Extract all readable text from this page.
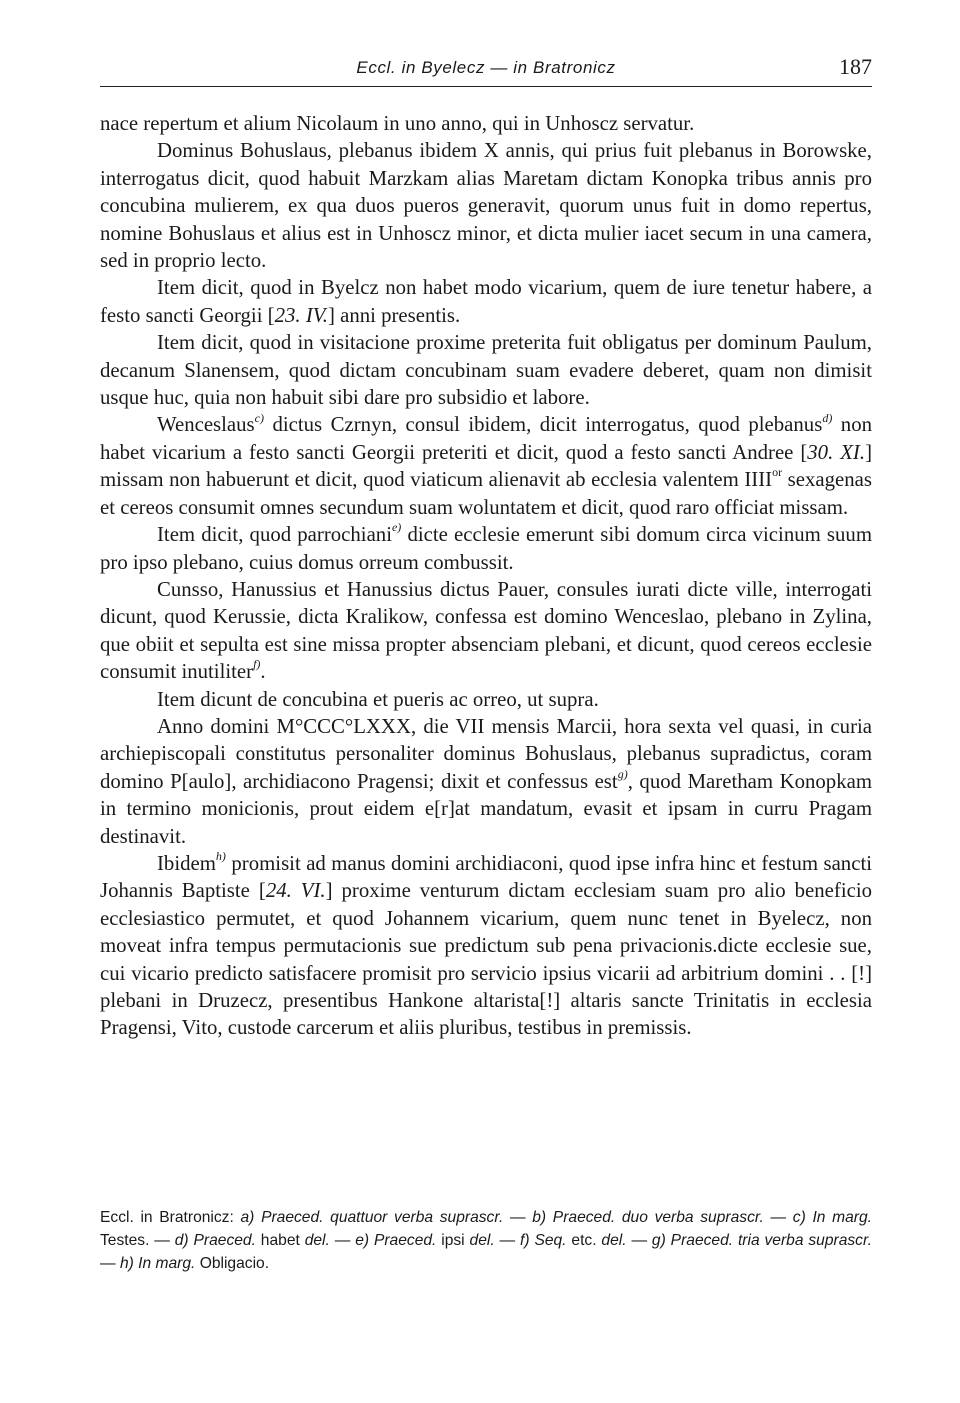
Eccl. in Byelecz — in Bratronicz	187

nace repertum et alium Nicolaum in uno anno, qui in Unhoscz servatur.

Dominus Bohuslaus, plebanus ibidem X annis, qui prius fuit plebanus in Borowske, interrogatus dicit, quod habuit Marzkam alias Maretam dictam Konopka tribus annis pro concubina mulierem, ex qua duos pueros generavit, quorum unus fuit in domo repertus, nomine Bohuslaus et alius est in Unhoscz minor, et dicta mulier iacet secum in una camera, sed in proprio lecto.

Item dicit, quod in Byelcz non habet modo vicarium, quem de iure tenetur habere, a festo sancti Georgii [23. IV.] anni presentis.

Item dicit, quod in visitacione proxime preterita fuit obligatus per dominum Paulum, decanum Slanensem, quod dictam concubinam suam evadere deberet, quam non dimisit usque huc, quia non habuit sibi dare pro subsidio et labore.

Wenceslaus$^{c)}$ dictus Czrnyn, consul ibidem, dicit interrogatus, quod plebanus$^{d)}$ non habet vicarium a festo sancti Georgii preteriti et dicit, quod a festo sancti Andree [30. XI.] missam non habuerunt et dicit, quod viaticum alienavit ab ecclesia valentem $IIII^{or}$ sexagenas et cereos consumit omnes secundum suam woluntatem et dicit, quod raro officiat missam.

Item dicit, quod parrochiani$^{e)}$ dicte ecclesie emerunt sibi domum circa vicinum suum pro ipso plebano, cuius domus orreum combussit.

Cunsso, Hanussius et Hanussius dictus Pauer, consules iurati dicte ville, interrogati dicunt, quod Kerussie, dicta Kralikow, confessa est domino Wenceslao, plebano in Zylina, que obiit et sepulta est sine missa propter absenciam plebani, et dicunt, quod cereos ecclesie consumit inutiliter$^{f)}$.

Item dicunt de concubina et pueris ac orreo, ut supra.

Anno domini M°CCC°LXXX, die VII mensis Marcii, hora sexta vel quasi, in curia archiepiscopali constitutus personaliter dominus Bohuslaus, plebanus supradictus, coram domino P[aulo], archidiacono Pragensi; dixit et confessus est$^{g)}$, quod Maretham Konopkam in termino monicionis, prout eidem e[r]at mandatum, evasit et ipsam in curru Pragam destinavit.

Ibidem$^{h)}$ promisit ad manus domini archidiaconi, quod ipse infra hinc et festum sancti Johannis Baptiste [24. VI.] proxime venturum dictam ecclesiam suam pro alio beneficio ecclesiastico permutet, et quod Johannem vicarium, quem nunc tenet in Byelecz, non moveat infra tempus permutacionis sue predictum sub pena privacionis.dicte ecclesie sue, cui vicario predicto satisfacere promisit pro servicio ipsius vicarii ad arbitrium domini . . [!] plebani in Druzecz, presentibus Hankone altarista[!] altaris sancte Trinitatis in ecclesia Pragensi, Vito, custode carcerum et aliis pluribus, testibus in premissis.

Eccl. in Bratronicz: a) Praeced. quattuor verba suprascr. — b) Praeced. duo verba suprascr. — c) In marg. Testes. — d) Praeced. habet del. — e) Praeced. ipsi del. — f) Seq. etc. del. — g) Praeced. tria verba suprascr. — h) In marg. Obligacio.
